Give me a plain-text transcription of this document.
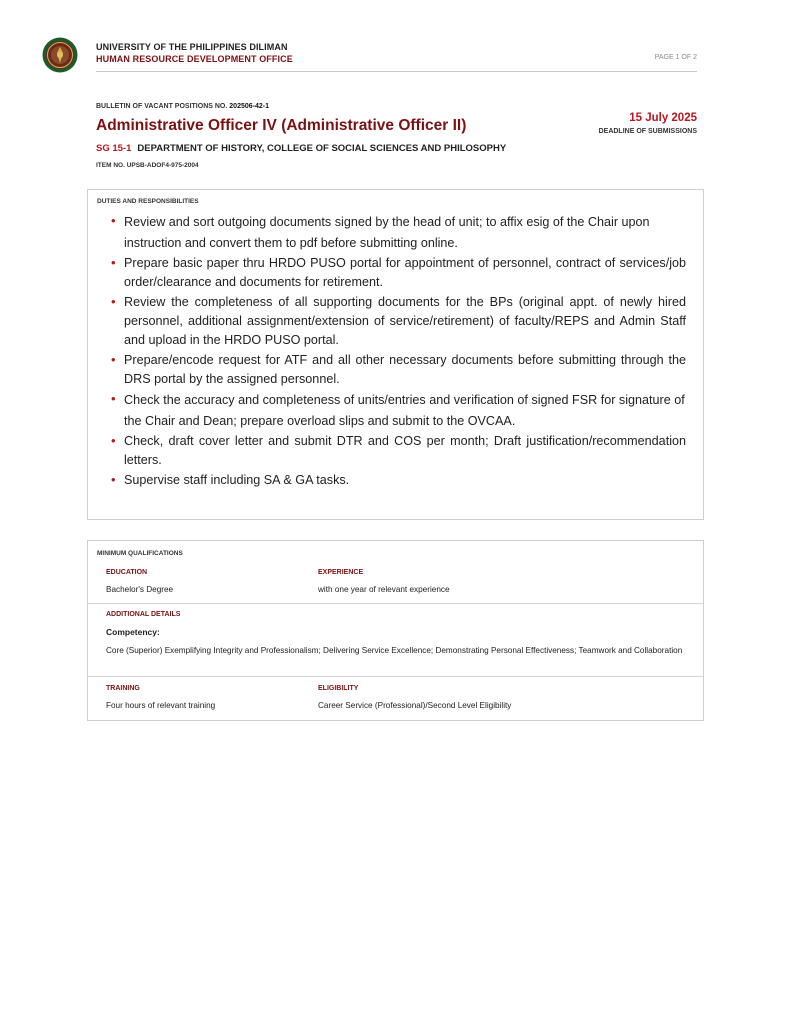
UNIVERSITY OF THE PHILIPPINES DILIMAN
HUMAN RESOURCE DEVELOPMENT OFFICE	PAGE 1 OF 2
BULLETIN OF VACANT POSITIONS NO. 202506-42-1
Administrative Officer IV (Administrative Officer II)	15 July 2025
DEADLINE OF SUBMISSIONS
SG 15-1 DEPARTMENT OF HISTORY, COLLEGE OF SOCIAL SCIENCES AND PHILOSOPHY
ITEM NO. UPSB-ADOF4-975-2004
DUTIES AND RESPONSIBILITIES
• Review and sort outgoing documents signed by the head of unit; to affix esig of the Chair upon instruction and convert them to pdf before submitting online.
• Prepare basic paper thru HRDO PUSO portal for appointment of personnel, contract of services/job order/clearance and documents for retirement.
• Review the completeness of all supporting documents for the BPs (original appt. of newly hired personnel, additional assignment/extension of service/retirement) of faculty/REPS and Admin Staff and upload in the HRDO PUSO portal.
• Prepare/encode request for ATF and all other necessary documents before submitting through the DRS portal by the assigned personnel.
• Check the accuracy and completeness of units/entries and verification of signed FSR for signature of the Chair and Dean; prepare overload slips and submit to the OVCAA.
• Check, draft cover letter and submit DTR and COS per month; Draft justification/recommendation letters.
• Supervise staff including SA & GA tasks.
MINIMUM QUALIFICATIONS
EDUCATION
Bachelor's Degree
EXPERIENCE
with one year of relevant experience
ADDITIONAL DETAILS
Competency:
Core (Superior) Exemplifying Integrity and Professionalism; Delivering Service Excellence; Demonstrating Personal Effectiveness; Teamwork and Collaboration
TRAINING
Four hours of relevant training
ELIGIBILITY
Career Service (Professional)/Second Level Eligibility
